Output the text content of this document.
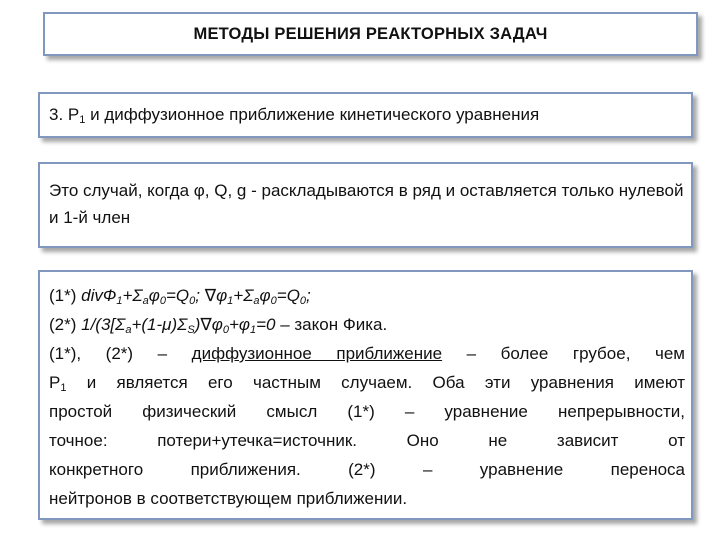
МЕТОДЫ РЕШЕНИЯ РЕАКТОРНЫХ ЗАДАЧ
3. $P_1$ и диффузионное приближение кинетического уравнения
Это случай, когда φ, Q, g - раскладываются в ряд и оставляется только нулевой и 1-й член
(1*) $divФ_1+\Sigma_a\varphi_0=Q_0$; $\nabla\varphi_1+\Sigma_a\varphi_0=Q_0$;
(2*) $1/(3[\Sigma_a+(1-\mu)\Sigma_S)\nabla\varphi_0+\varphi_1=0$ – закон Фика.
(1*), (2*) – диффузионное приближение – более грубое, чем
$P_1$ и является его частным случаем. Оба эти уравнения имеют
простой физический смысл (1*) – уравнение непрерывности,
точное: потери+утечка=источник. Оно не зависит от
конкретного приближения. (2*) – уравнение переноса
нейтронов в соответствующем приближении.
